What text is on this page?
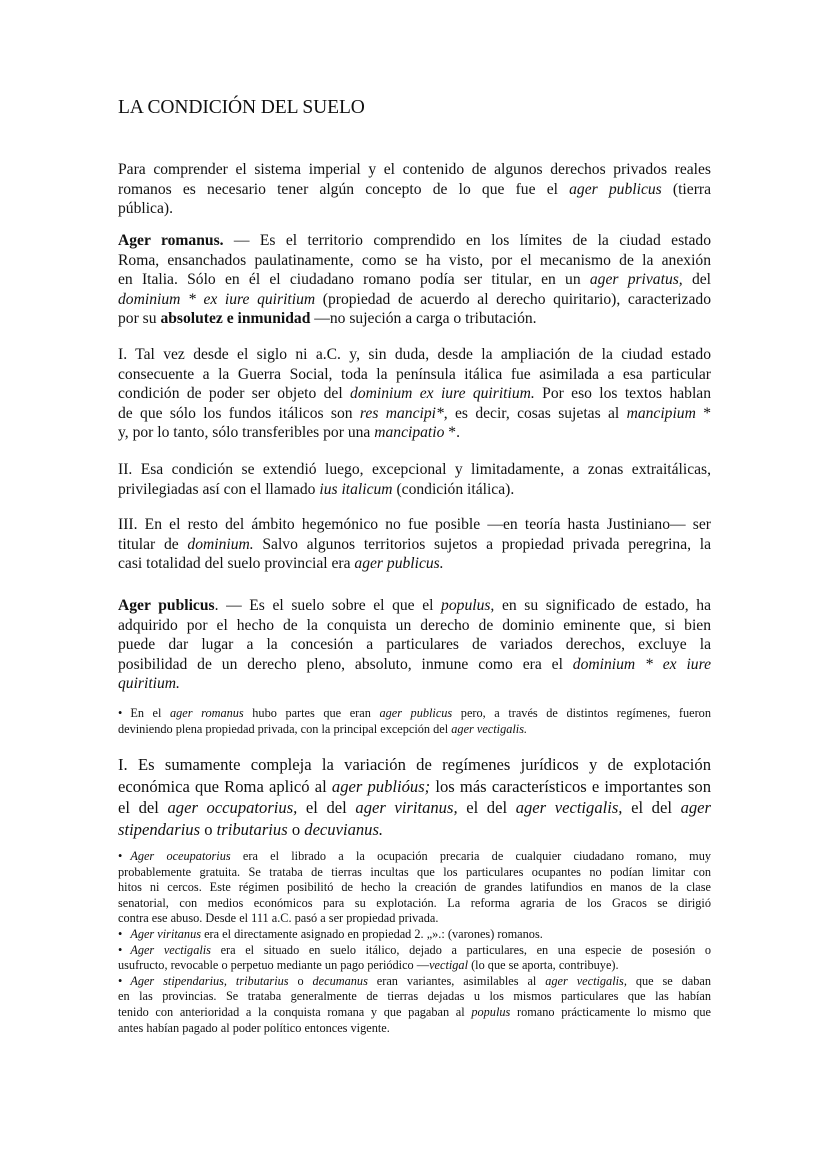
LA CONDICIÓN DEL SUELO
Para comprender el sistema imperial y el contenido de algunos derechos privados reales
romanos es necesario tener algún concepto de lo que fue el ager publicus (tierra
pública).
Ager romanus. — Es el territorio comprendido en los límites de la ciudad estado
Roma, ensanchados paulatinamente, como se ha visto, por el mecanismo de la anexión
en Italia. Sólo en él el ciudadano romano podía ser titular, en un ager privatus, del
dominium * ex iure quiritium (propiedad de acuerdo al derecho quiritario), caracterizado
por su absolutez e inmunidad —no sujeción a carga o tributación.
I. Tal vez desde el siglo ni a.C. y, sin duda, desde la ampliación de la ciudad estado
consecuente a la Guerra Social, toda la península itálica fue asimilada a esa particular
condición de poder ser objeto del dominium ex iure quiritium. Por eso los textos hablan
de que sólo los fundos itálicos son res mancipi*, es decir, cosas sujetas al mancipium *
y, por lo tanto, sólo transferibles por una mancipatio *.
II. Esa condición se extendió luego, excepcional y limitadamente, a zonas extraitálicas,
privilegiadas así con el llamado ius italicum (condición itálica).
III. En el resto del ámbito hegemónico no fue posible —en teoría hasta Justiniano— ser
titular de dominium. Salvo algunos territorios sujetos a propiedad privada peregrina, la
casi totalidad del suelo provincial era ager publicus.
Ager publicus. — Es el suelo sobre el que el populus, en su significado de estado, ha
adquirido por el hecho de la conquista un derecho de dominio eminente que, si bien
puede dar lugar a la concesión a particulares de variados derechos, excluye la
posibilidad de un derecho pleno, absoluto, inmune como era el dominium * ex iure
quiritium.
• En el ager romanus hubo partes que eran ager publicus pero, a través de distintos regímenes, fueron
deviniendo plena propiedad privada, con la principal excepción del ager vectigalis.
I. Es sumamente compleja la variación de regímenes jurídicos y de explotación
económica que Roma aplicó al ager publióus; los más característicos e importantes son
el del ager occupatorius, el del ager viritanus, el del ager vectigalis, el del ager
stipendarius o tributarius o decuvianus.
• Ager oceupatorius era el librado a la ocupación precaria de cualquier ciudadano romano, muy
probablemente gratuita. Se trataba de tierras incultas que los particulares ocupantes no podían limitar con
hitos ni cercos. Este régimen posibilitó de hecho la creación de grandes latifundios en manos de la clase
senatorial, con medios económicos para su explotación. La reforma agraria de los Gracos se dirigió
contra ese abuso. Desde el 111 a.C. pasó a ser propiedad privada.
• Ager viritanus era el directamente asignado en propiedad 2. „».: (varones) romanos.
• Ager vectigalis era el situado en suelo itálico, dejado a particulares, en una especie de posesión o
usufructo, revocable o perpetuo mediante un pago periódico —vectigal (lo que se aporta, contribuye).
• Ager stipendarius, tributarius o decumanus eran variantes, asimilables al ager vectigalis, que se daban
en las provincias. Se trataba generalmente de tierras dejadas u los mismos particulares que las habían
tenido con anterioridad a la conquista romana y que pagaban al populus romano prácticamente lo mismo que
antes habían pagado al poder político entonces vigente.
